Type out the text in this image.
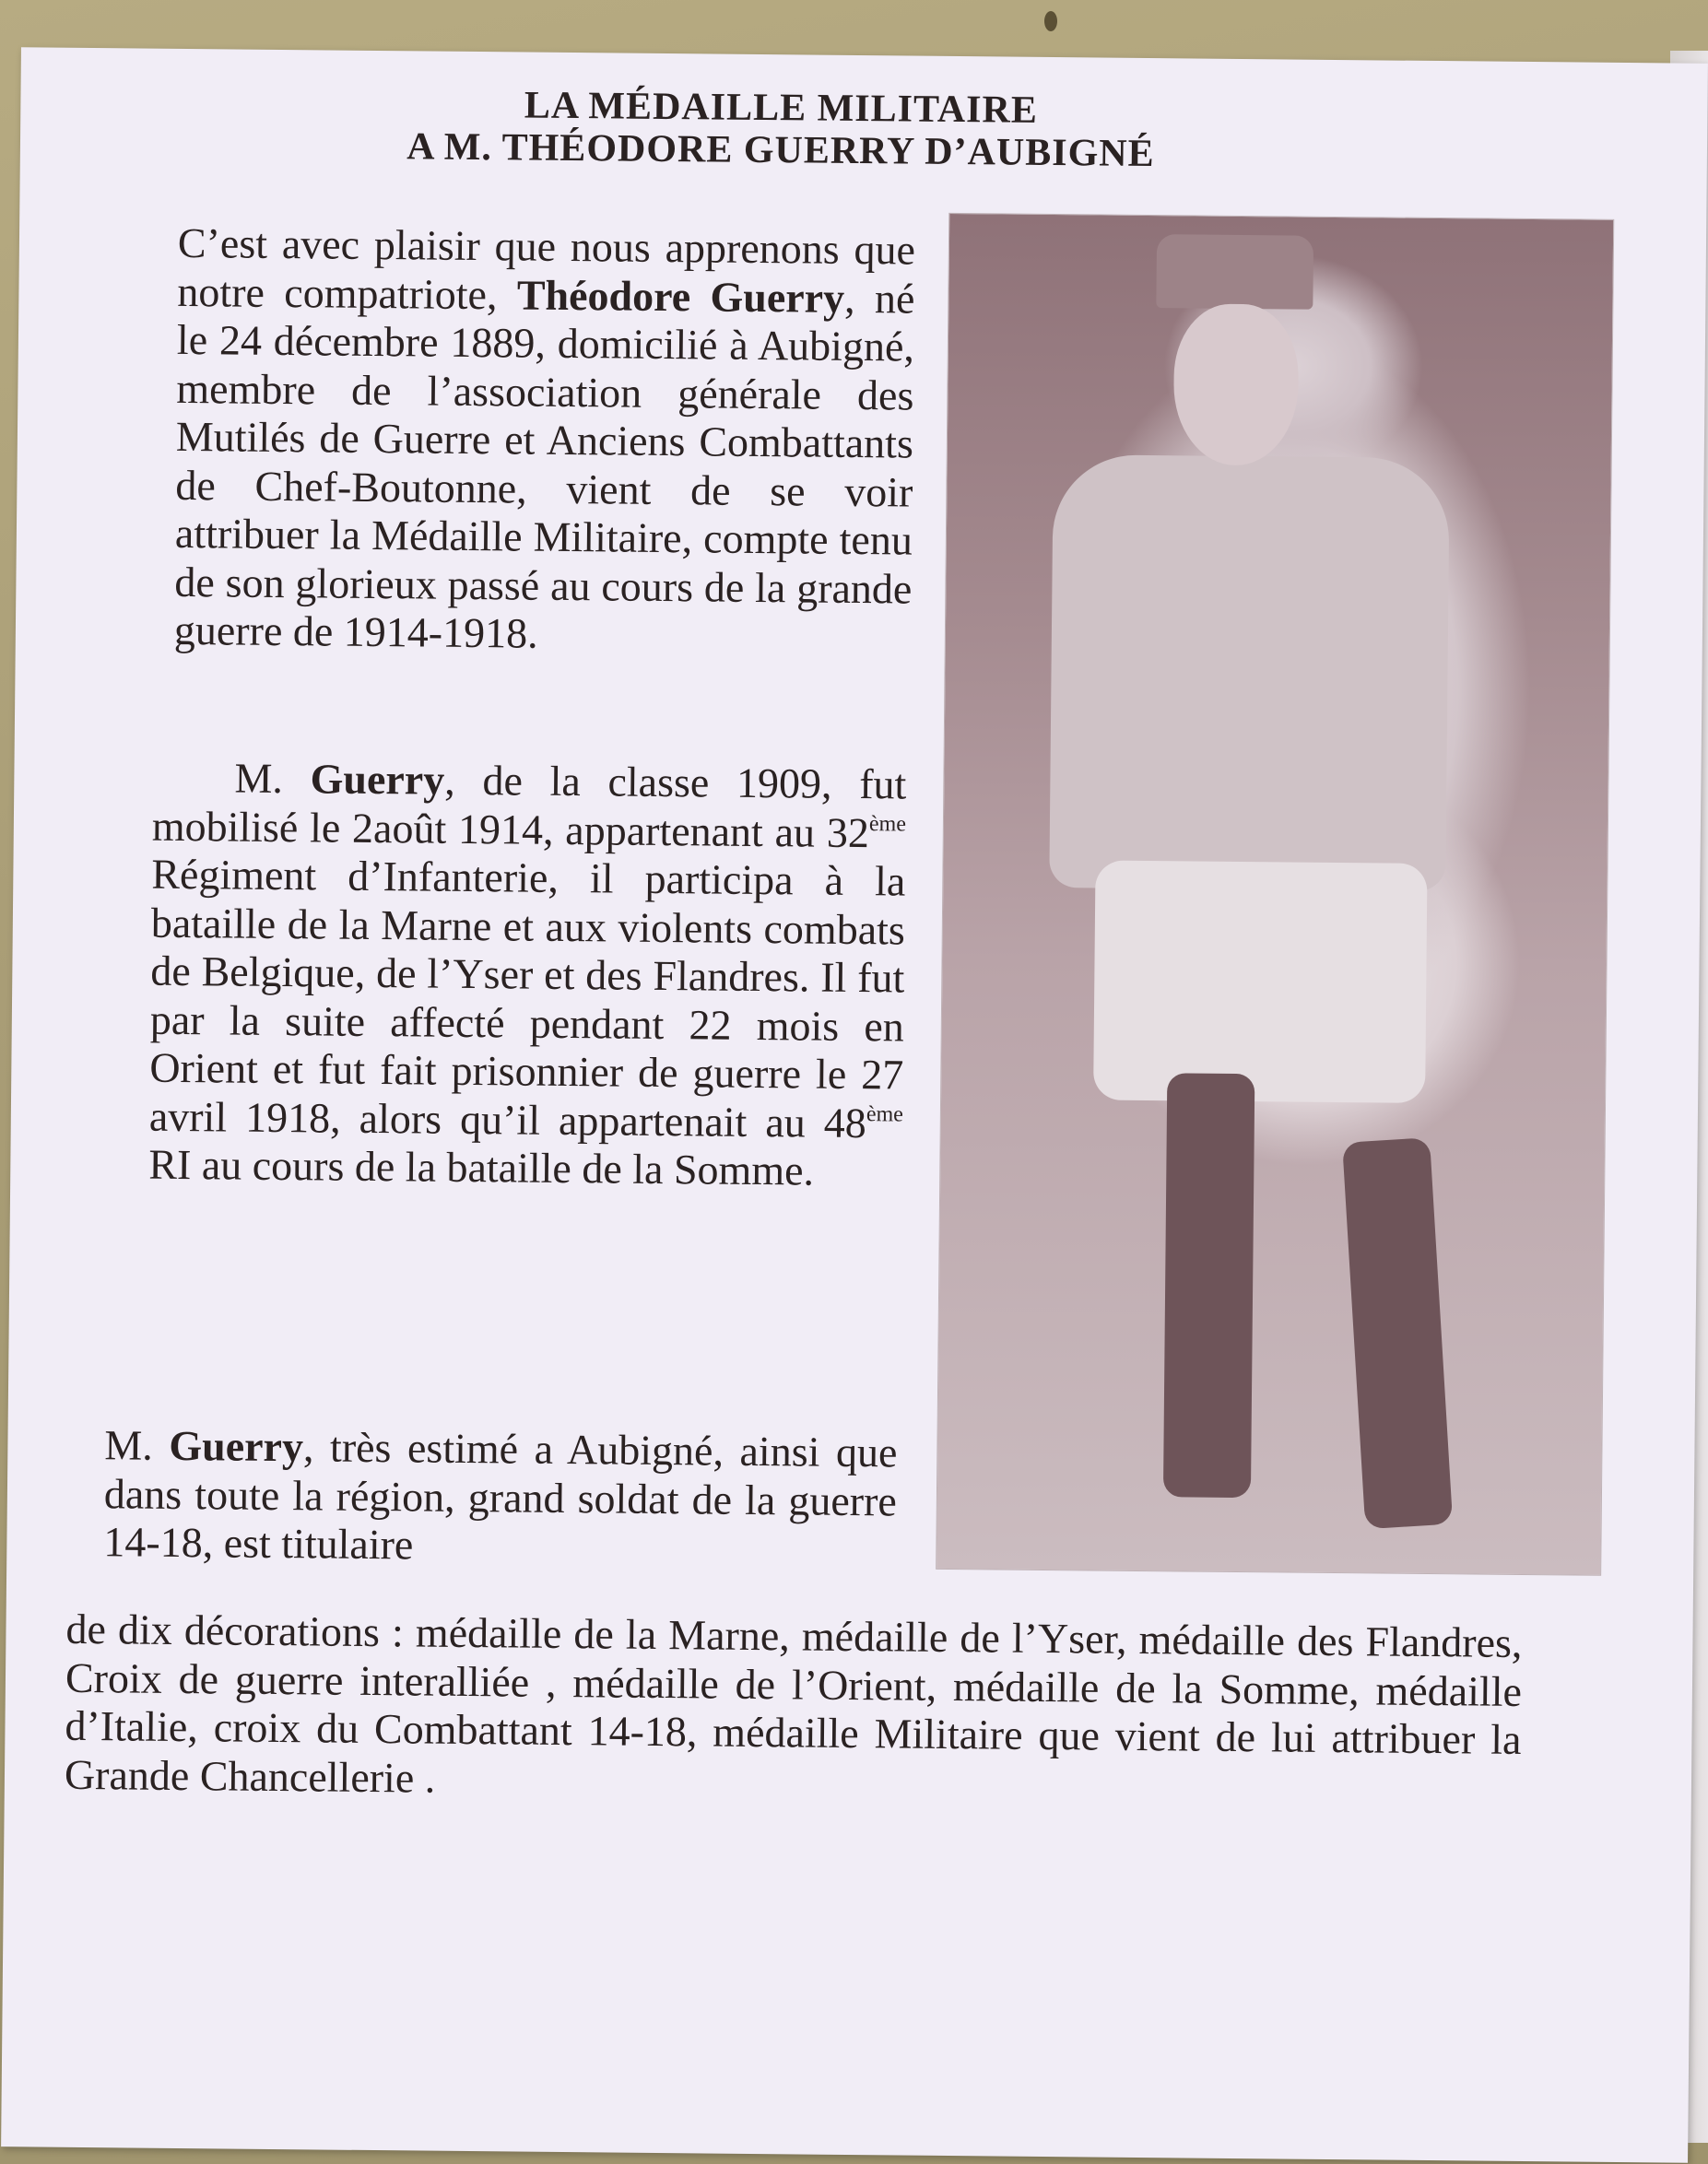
LA MÉDAILLE MILITAIRE
A M. THÉODORE GUERRY D’AUBIGNÉ

C’est avec plaisir que nous apprenons que notre compatriote, Théodore Guerry, né le 24 décembre 1889, domicilié à Aubigné, membre de l’association générale des Mutilés de Guerre et Anciens Combattants de Chef-Boutonne, vient de se voir attribuer la Médaille Militaire, compte tenu de son glorieux passé au cours de la grande guerre de 1914-1918.

M. Guerry, de la classe 1909, fut mobilisé le 2août 1914, appartenant au 32ème Régiment d’Infanterie, il participa à la bataille de la Marne et aux violents combats de Belgique, de l’Yser et des Flandres. Il fut par la suite affecté pendant 22 mois en Orient et fut fait prisonnier de guerre le 27 avril 1918, alors qu’il appartenait au 48ème RI au cours de la bataille de la Somme.

M. Guerry, très estimé a Aubigné, ainsi que dans toute la région, grand soldat de la guerre 14-18, est titulaire

de dix décorations : médaille de la Marne, médaille de l’Yser, médaille des Flandres, Croix de guerre interalliée , médaille de l’Orient, médaille de la Somme, médaille d’Italie, croix du Combattant 14-18, médaille Militaire que vient de lui attribuer la Grande Chancellerie .
